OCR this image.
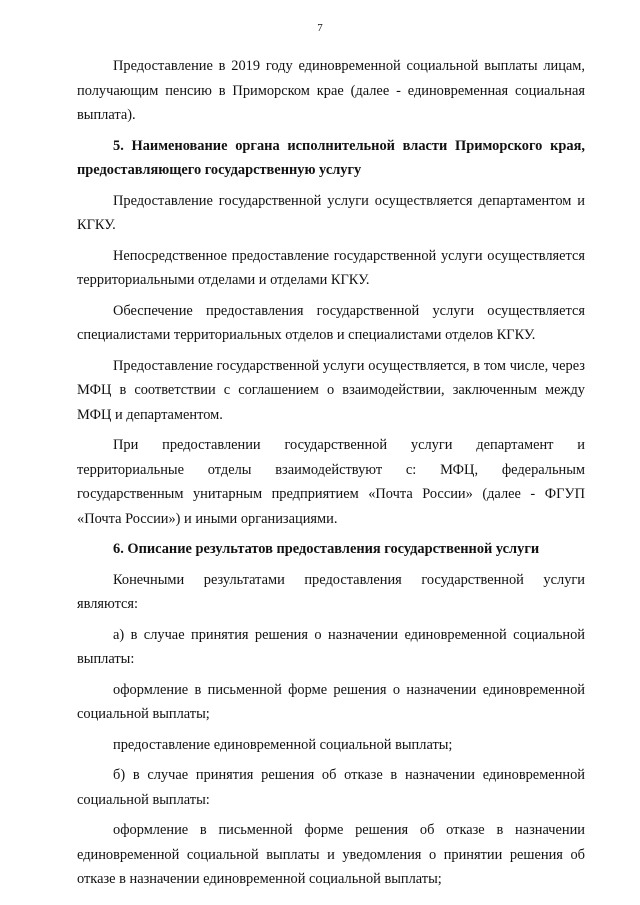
7

Предоставление в 2019 году единовременной социальной выплаты лицам, получающим пенсию в Приморском крае (далее - единовременная социальная выплата).

5. Наименование органа исполнительной власти Приморского края, предоставляющего государственную услугу

Предоставление государственной услуги осуществляется департаментом и КГКУ.

Непосредственное предоставление государственной услуги осуществляется территориальными отделами и отделами КГКУ.

Обеспечение предоставления государственной услуги осуществляется специалистами территориальных отделов и специалистами отделов КГКУ.

Предоставление государственной услуги осуществляется, в том числе, через МФЦ в соответствии с соглашением о взаимодействии, заключенным между МФЦ и департаментом.

При предоставлении государственной услуги департамент и территориальные отделы взаимодействуют с: МФЦ, федеральным государственным унитарным предприятием «Почта России» (далее - ФГУП «Почта России») и иными организациями.

6. Описание результатов предоставления государственной услуги

Конечными результатами предоставления государственной услуги являются:

а) в случае принятия решения о назначении единовременной социальной выплаты:

оформление в письменной форме решения о назначении единовременной социальной выплаты;

предоставление единовременной социальной выплаты;

б) в случае принятия решения об отказе в назначении единовременной социальной выплаты:

оформление в письменной форме решения об отказе в назначении единовременной социальной выплаты и уведомления о принятии решения об отказе в назначении единовременной социальной выплаты;
